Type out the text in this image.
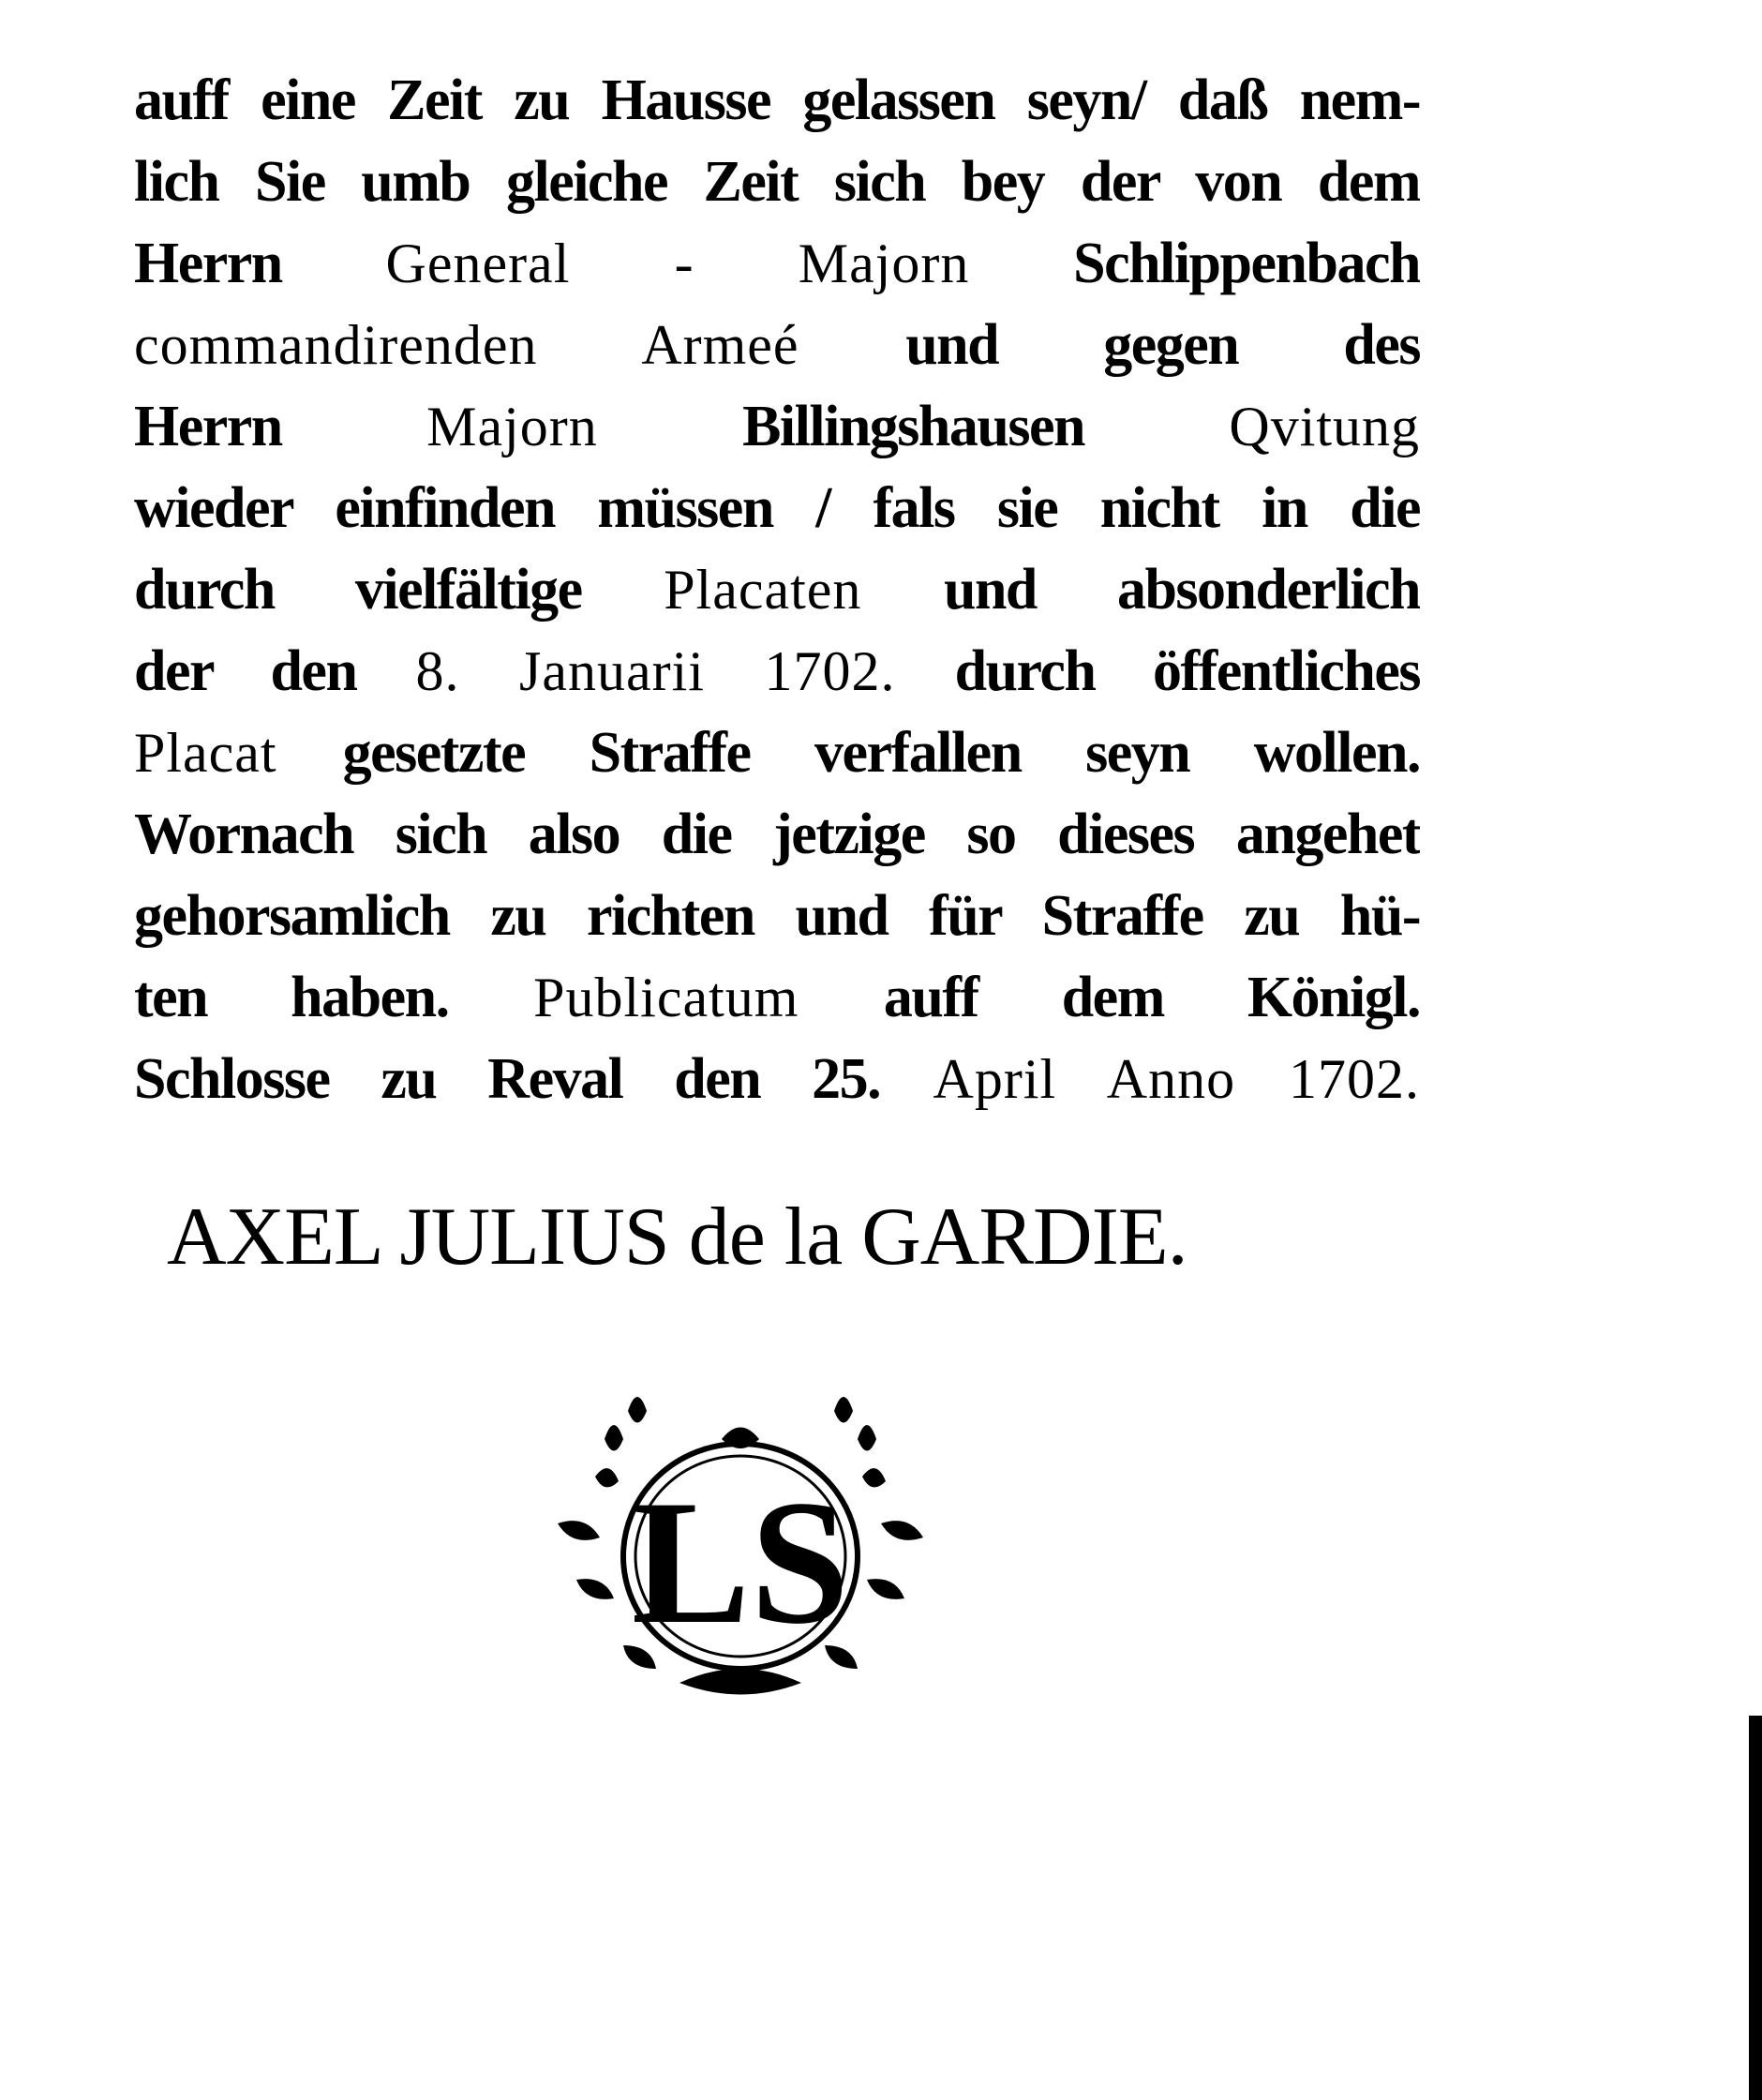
auff eine Zeit zu Hausse gelassen seyn/ daß nem-
lich Sie umb gleiche Zeit sich bey der von dem
Herrn General - Majorn Schlippenbach
commandirenden Armeé und gegen des
Herrn	Majorn Billingshausen	Qvitung
wieder einfinden müssen / fals sie nicht in die
durch vielfältige Placaten und absonderlich
der den 8. Januarii 1702. durch öffentliches
Placat gesetzte Straffe verfallen seyn wollen.
Wornach sich also die jetzige so dieses angehet
gehorsamlich zu richten und für Straffe zu hü-
ten haben. Publicatum auff dem Königl.
Schlosse zu Reval den 25. April Anno 1702.
AXEL JULIUS de la GARDIE.
LS
